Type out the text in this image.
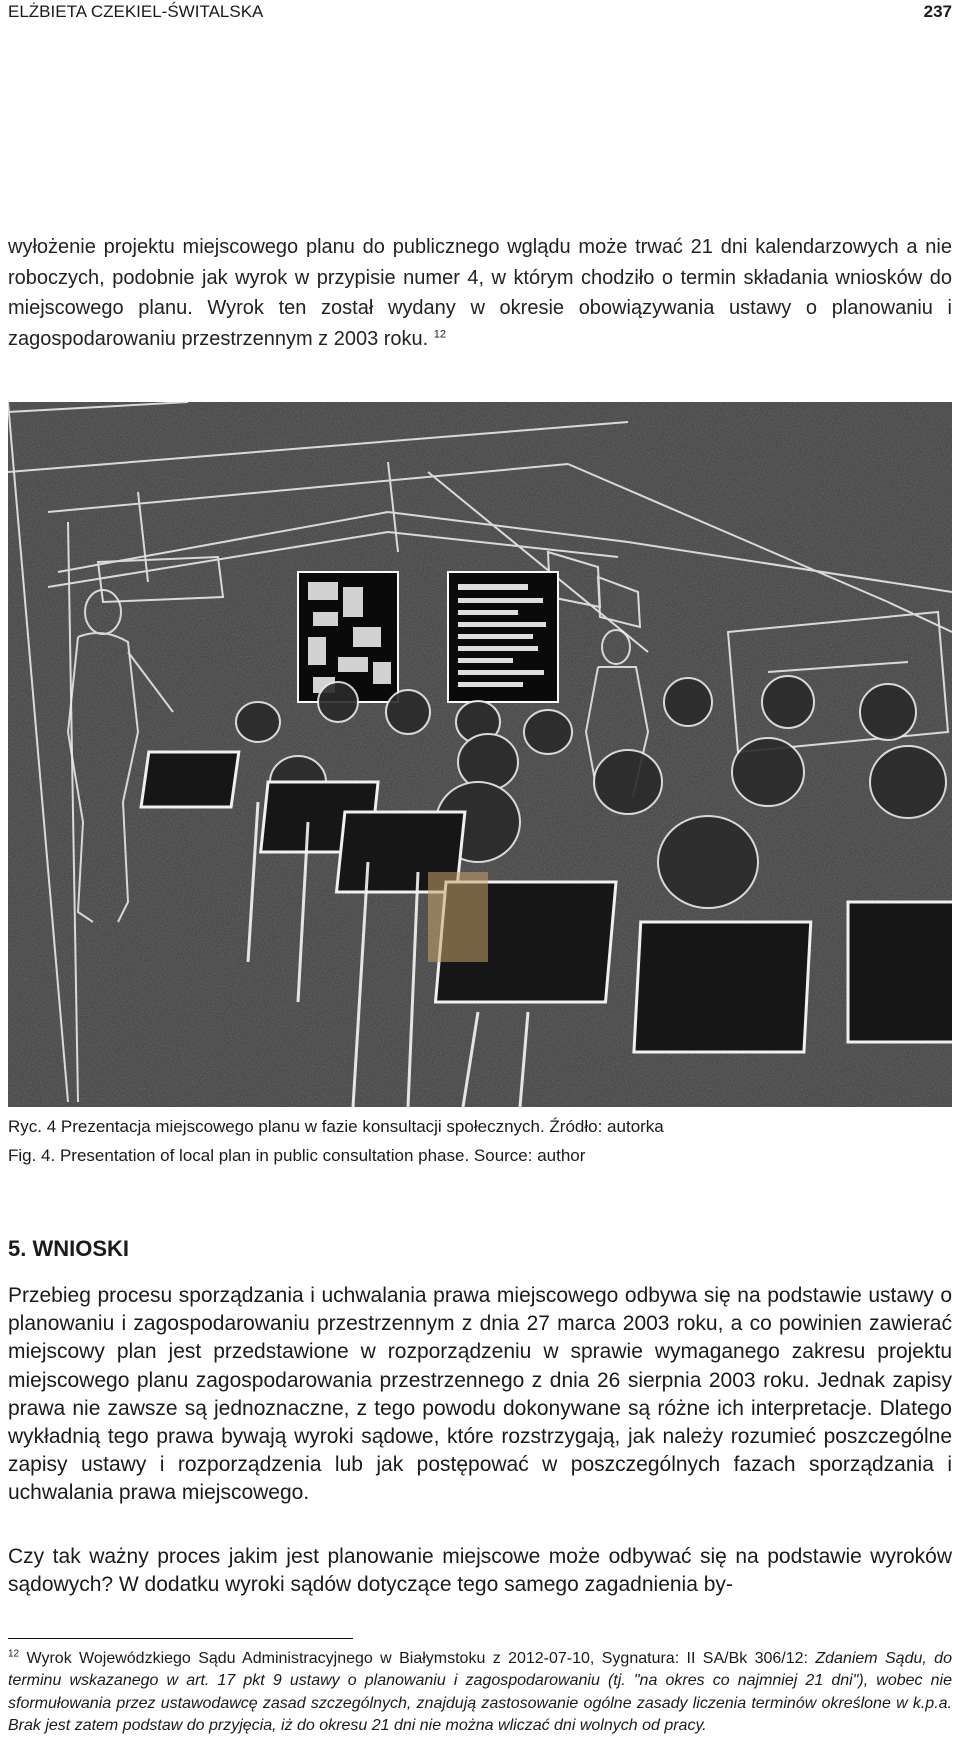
ELŻBIETA CZEKIEL-ŚWITALSKA	237

wyłożenie projektu miejscowego planu do publicznego wglądu może trwać 21 dni kalendarzowych a nie roboczych, podobnie jak wyrok w przypisie numer 4, w którym chodziło o termin składania wniosków do miejscowego planu. Wyrok ten został wydany w okresie obowiązywania ustawy o planowaniu i zagospodarowaniu przestrzennym z 2003 roku. $^{12}$

Ryc. 4 Prezentacja miejscowego planu w fazie konsultacji społecznych. Źródło: autorka
Fig. 4. Presentation of local plan in public consultation phase. Source: author
5. WNIOSKI

Przebieg procesu sporządzania i uchwalania prawa miejscowego odbywa się na podstawie ustawy o planowaniu i zagospodarowaniu przestrzennym z dnia 27 marca 2003 roku, a co powinien zawierać miejscowy plan jest przedstawione w rozporządzeniu w sprawie wymaganego zakresu projektu miejscowego planu zagospodarowania przestrzennego z dnia 26 sierpnia 2003 roku. Jednak zapisy prawa nie zawsze są jednoznaczne, z tego powodu dokonywane są różne ich interpretacje. Dlatego wykładnią tego prawa bywają wyroki sądowe, które rozstrzygają, jak należy rozumieć poszczególne zapisy ustawy i rozporządzenia lub jak postępować w poszczególnych fazach sporządzania i uchwalania prawa miejscowego.

Czy tak ważny proces jakim jest planowanie miejscowe może odbywać się na podstawie wyroków sądowych? W dodatku wyroki sądów dotyczące tego samego zagadnienia by-

$^{12}$ Wyrok Wojewódzkiego Sądu Administracyjnego w Białymstoku z 2012-07-10, Sygnatura: II SA/Bk 306/12: Zdaniem Sądu, do terminu wskazanego w art. 17 pkt 9 ustawy o planowaniu i zagospodarowaniu (tj. "na okres co najmniej 21 dni"), wobec nie sformułowania przez ustawodawcę zasad szczególnych, znajdują zastosowanie ogólne zasady liczenia terminów określone w k.p.a. Brak jest zatem podstaw do przyjęcia, iż do okresu 21 dni nie można wliczać dni wolnych od pracy.
